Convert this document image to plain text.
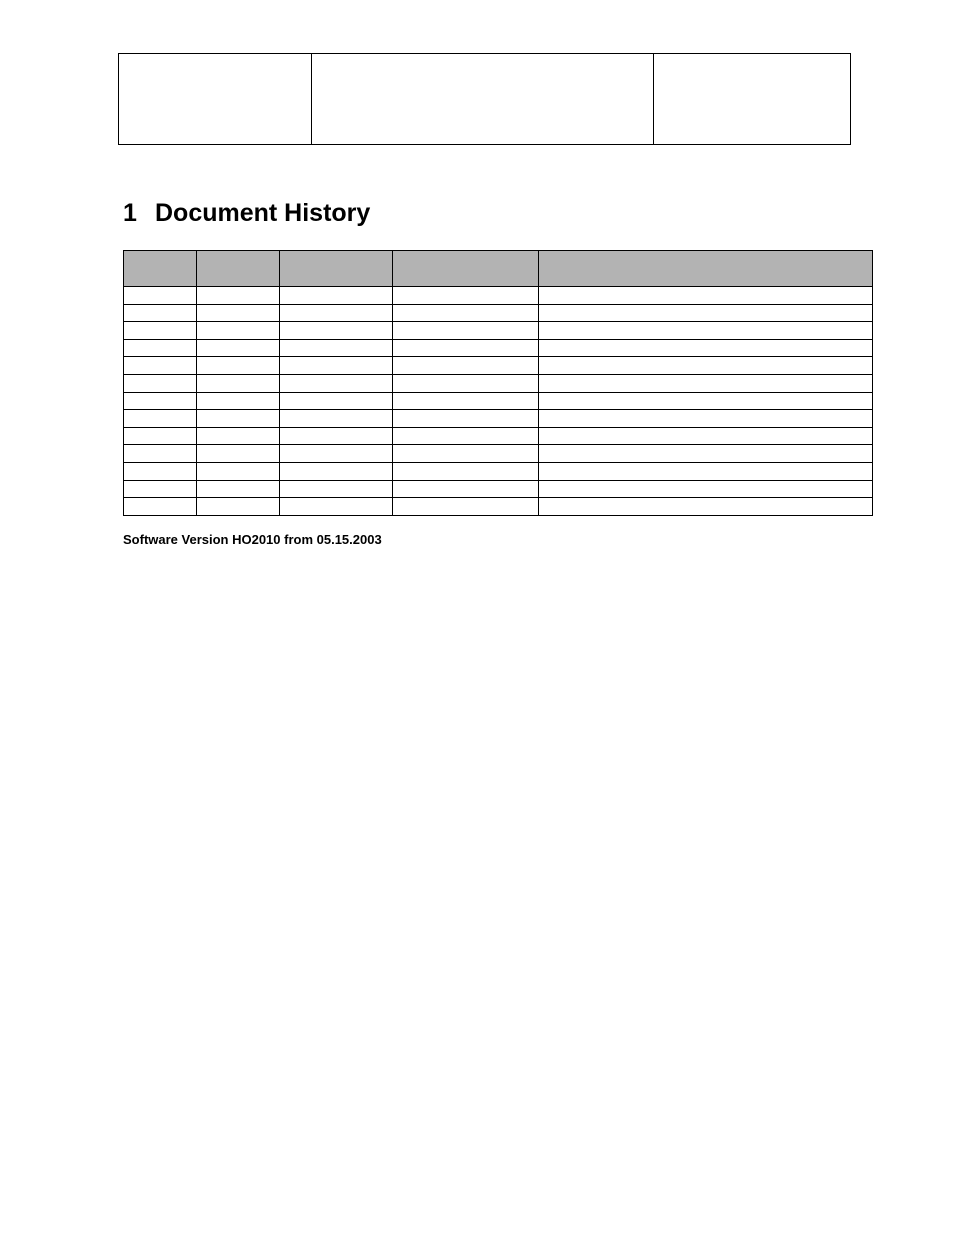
1 Document History

Software Version HO2010 from 05.15.2003
